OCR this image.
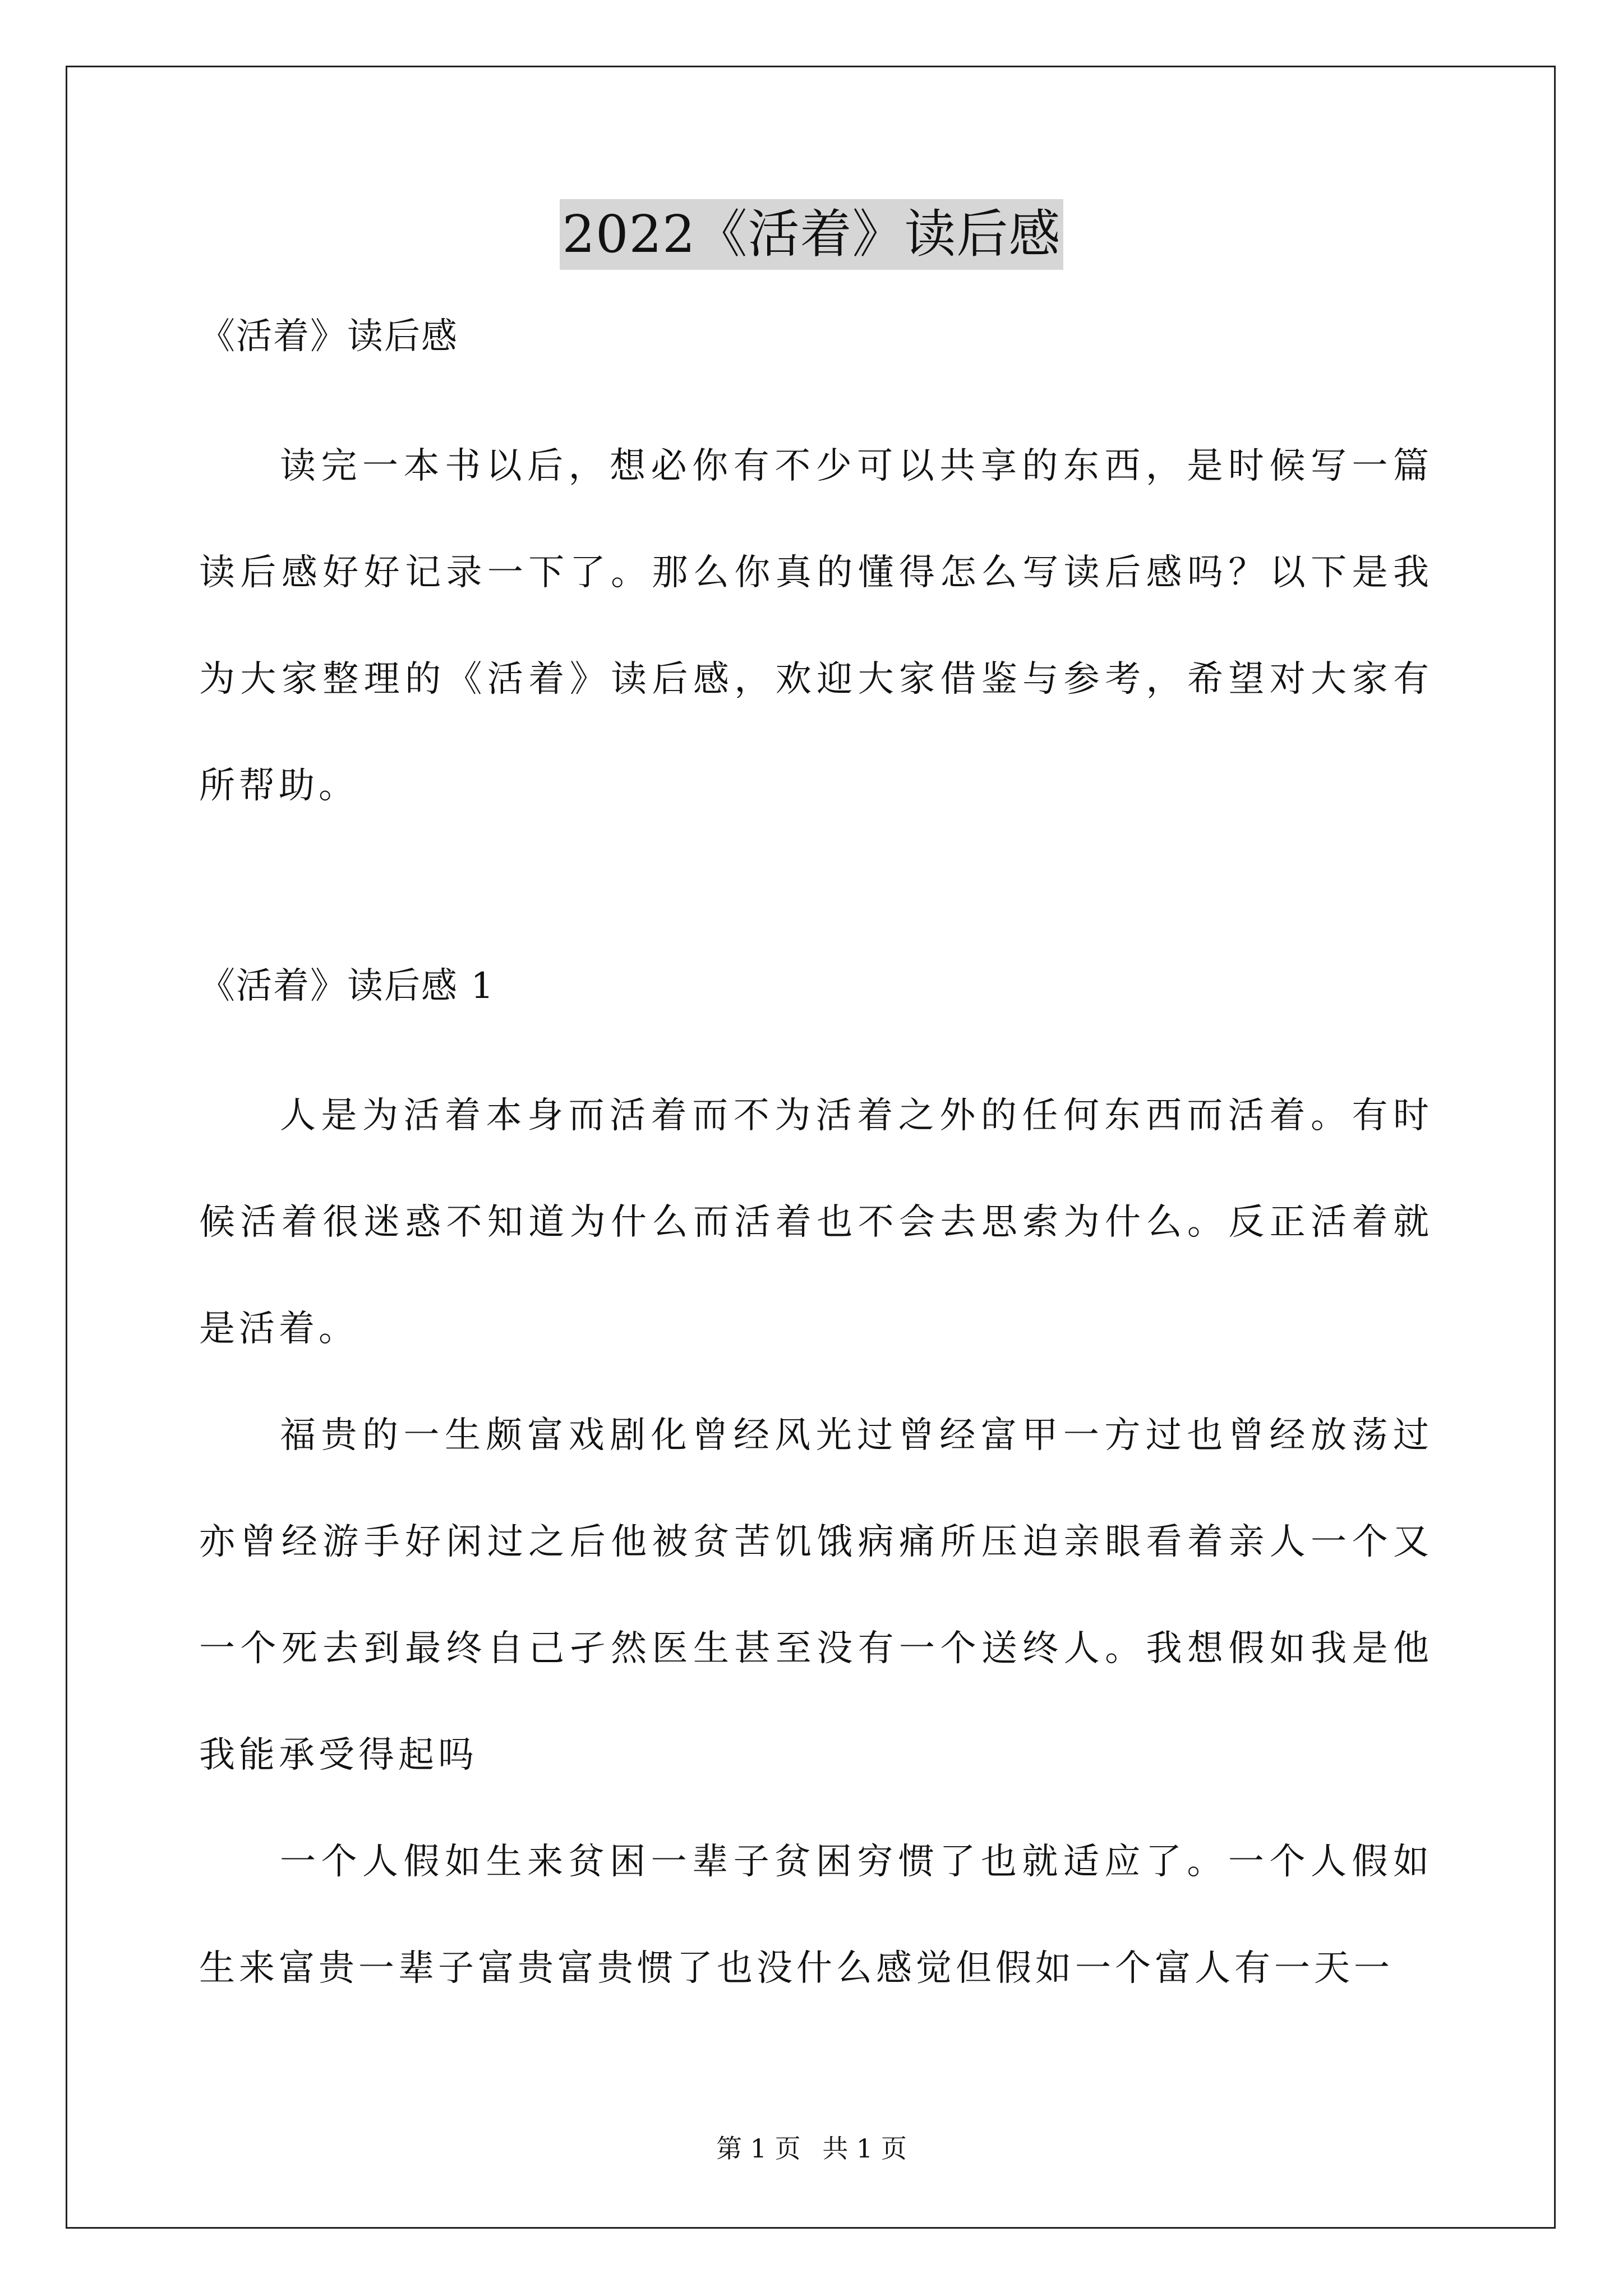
2022《活着》读后感

《活着》读后感

读完一本书以后，想必你有不少可以共享的东西，是时候写一篇读后感好好记录一下了。那么你真的懂得怎么写读后感吗？以下是我为大家整理的《活着》读后感，欢迎大家借鉴与参考，希望对大家有所帮助。

《活着》读后感 1

人是为活着本身而活着而不为活着之外的任何东西而活着。有时候活着很迷惑不知道为什么而活着也不会去思索为什么。反正活着就是活着。

福贵的一生颇富戏剧化曾经风光过曾经富甲一方过也曾经放荡过亦曾经游手好闲过之后他被贫苦饥饿病痛所压迫亲眼看着亲人一个又一个死去到最终自己孑然医生甚至没有一个送终人。我想假如我是他我能承受得起吗

一个人假如生来贫困一辈子贫困穷惯了也就适应了。一个人假如生来富贵一辈子富贵富贵惯了也没什么感觉但假如一个富人有一天一

第 1 页 共 1 页
